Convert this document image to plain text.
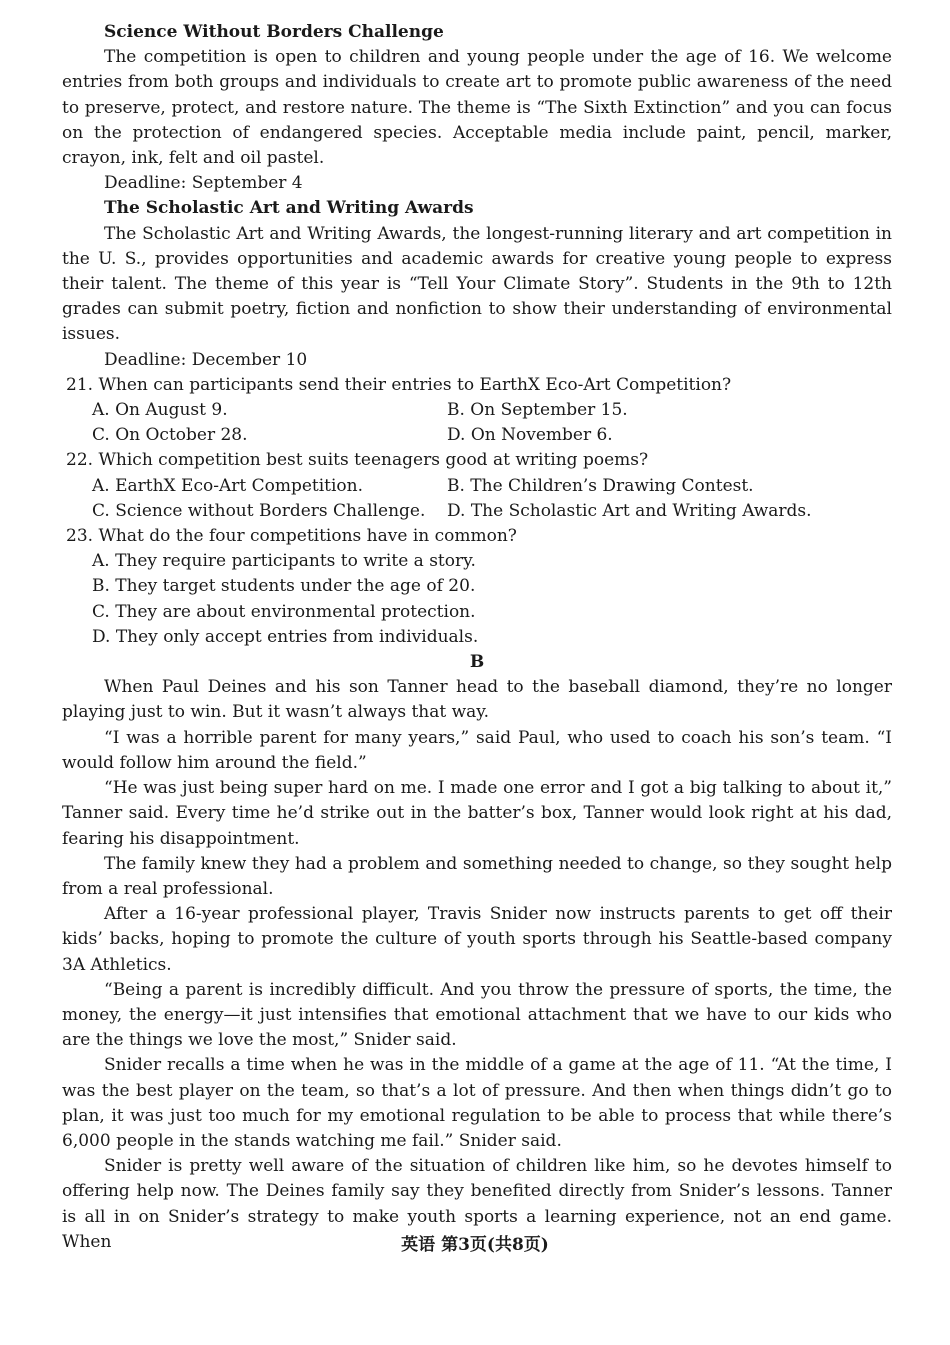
Science Without Borders Challenge

The competition is open to children and young people under the age of 16. We welcome entries from both groups and individuals to create art to promote public awareness of the need to preserve, protect, and restore nature. The theme is “The Sixth Extinction” and you can focus on the protection of endangered species. Acceptable media include paint, pencil, marker, crayon, ink, felt and oil pastel.

Deadline: September 4
The Scholastic Art and Writing Awards

The Scholastic Art and Writing Awards, the longest-running literary and art competition in the U. S., provides opportunities and academic awards for creative young people to express their talent. The theme of this year is “Tell Your Climate Story”. Students in the 9th to 12th grades can submit poetry, fiction and nonfiction to show their understanding of environmental issues.

Deadline: December 10
21. When can participants send their entries to EarthX Eco-Art Competition?
A. On August 9.	B. On September 15.
C. On October 28.	D. On November 6.
22. Which competition best suits teenagers good at writing poems?
A. EarthX Eco-Art Competition.	B. The Children’s Drawing Contest.
C. Science without Borders Challenge.	D. The Scholastic Art and Writing Awards.
23. What do the four competitions have in common?
A. They require participants to write a story.
B. They target students under the age of 20.
C. They are about environmental protection.
D. They only accept entries from individuals.
B

When Paul Deines and his son Tanner head to the baseball diamond, they’re no longer playing just to win. But it wasn’t always that way.

“I was a horrible parent for many years,” said Paul, who used to coach his son’s team. “I would follow him around the field.”

“He was just being super hard on me. I made one error and I got a big talking to about it,” Tanner said. Every time he’d strike out in the batter’s box, Tanner would look right at his dad, fearing his disappointment.

The family knew they had a problem and something needed to change, so they sought help from a real professional.

After a 16-year professional player, Travis Snider now instructs parents to get off their kids’ backs, hoping to promote the culture of youth sports through his Seattle-based company 3A Athletics.

“Being a parent is incredibly difficult. And you throw the pressure of sports, the time, the money, the energy—it just intensifies that emotional attachment that we have to our kids who are the things we love the most,” Snider said.

Snider recalls a time when he was in the middle of a game at the age of 11. “At the time, I was the best player on the team, so that’s a lot of pressure. And then when things didn’t go to plan, it was just too much for my emotional regulation to be able to process that while there’s 6,000 people in the stands watching me fail.” Snider said.

Snider is pretty well aware of the situation of children like him, so he devotes himself to offering help now. The Deines family say they benefited directly from Snider’s lessons. Tanner is all in on Snider’s strategy to make youth sports a learning experience, not an end game. When	英语 第3页(共8页)
